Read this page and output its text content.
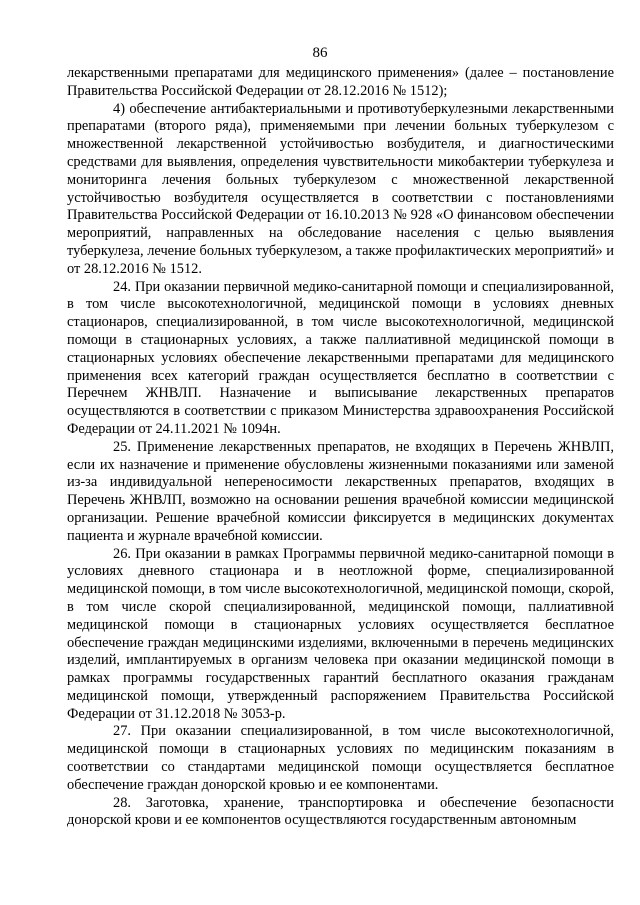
86

лекарственными препаратами для медицинского применения» (далее – постановление Правительства Российской Федерации от 28.12.2016 № 1512);

4) обеспечение антибактериальными и противотуберкулезными лекарственными препаратами (второго ряда), применяемыми при лечении больных туберкулезом с множественной лекарственной устойчивостью возбудителя, и диагностическими средствами для выявления, определения чувствительности микобактерии туберкулеза и мониторинга лечения больных туберкулезом с множественной лекарственной устойчивостью возбудителя осуществляется в соответствии с постановлениями Правительства Российской Федерации от 16.10.2013 № 928 «О финансовом обеспечении мероприятий, направленных на обследование населения с целью выявления туберкулеза, лечение больных туберкулезом, а также профилактических мероприятий» и от 28.12.2016 № 1512.

24. При оказании первичной медико-санитарной помощи и специализированной, в том числе высокотехнологичной, медицинской помощи в условиях дневных стационаров, специализированной, в том числе высокотехнологичной, медицинской помощи в стационарных условиях, а также паллиативной медицинской помощи в стационарных условиях обеспечение лекарственными препаратами для медицинского применения всех категорий граждан осуществляется бесплатно в соответствии с Перечнем ЖНВЛП. Назначение и выписывание лекарственных препаратов осуществляются в соответствии с приказом Министерства здравоохранения Российской Федерации от 24.11.2021 № 1094н.

25. Применение лекарственных препаратов, не входящих в Перечень ЖНВЛП, если их назначение и применение обусловлены жизненными показаниями или заменой из-за индивидуальной непереносимости лекарственных препаратов, входящих в Перечень ЖНВЛП, возможно на основании решения врачебной комиссии медицинской организации. Решение врачебной комиссии фиксируется в медицинских документах пациента и журнале врачебной комиссии.

26. При оказании в рамках Программы первичной медико-санитарной помощи в условиях дневного стационара и в неотложной форме, специализированной медицинской помощи, в том числе высокотехнологичной, медицинской помощи, скорой, в том числе скорой специализированной, медицинской помощи, паллиативной медицинской помощи в стационарных условиях осуществляется бесплатное обеспечение граждан медицинскими изделиями, включенными в перечень медицинских изделий, имплантируемых в организм человека при оказании медицинской помощи в рамках программы государственных гарантий бесплатного оказания гражданам медицинской помощи, утвержденный распоряжением Правительства Российской Федерации от 31.12.2018 № 3053-р.

27. При оказании специализированной, в том числе высокотехнологичной, медицинской помощи в стационарных условиях по медицинским показаниям в соответствии со стандартами медицинской помощи осуществляется бесплатное обеспечение граждан донорской кровью и ее компонентами.

28. Заготовка, хранение, транспортировка и обеспечение безопасности донорской крови и ее компонентов осуществляются государственным автономным
